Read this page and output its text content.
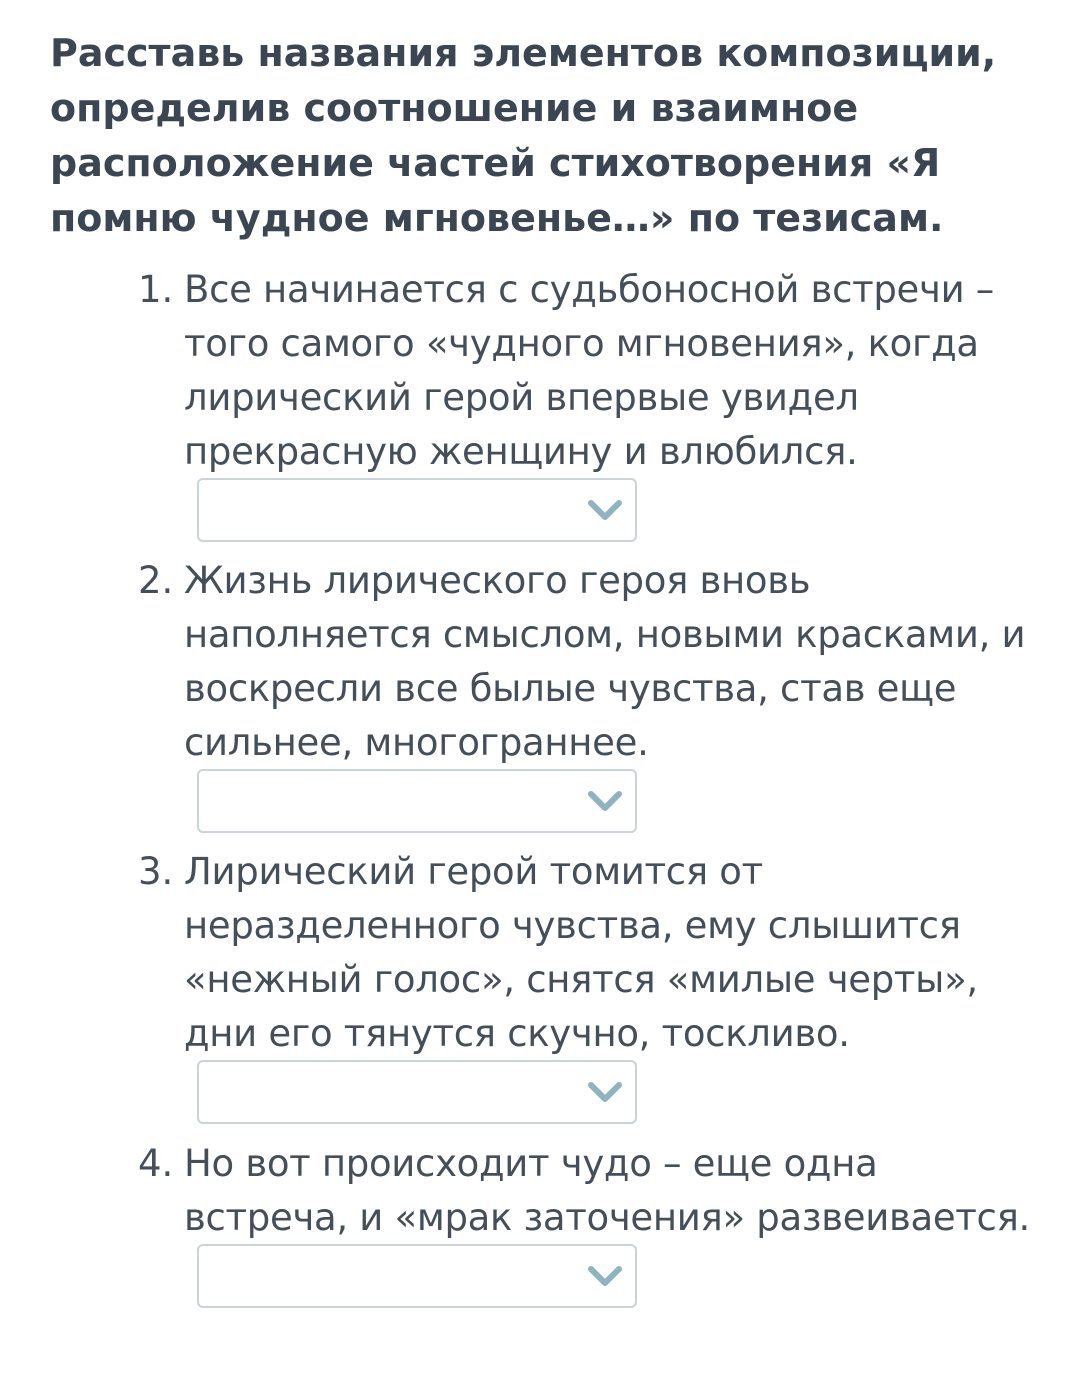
Расставь названия элементов композиции, определив соотношение и взаимное расположение частей стихотворения «Я помню чудное мгновенье…» по тезисам.
1. Все начинается с судьбоносной встречи – того самого «чудного мгновения», когда лирический герой впервые увидел прекрасную женщину и влюбился.

2. Жизнь лирического героя вновь наполняется смыслом, новыми красками, и воскресли все былые чувства, став еще сильнее, многограннее.

3. Лирический герой томится от неразделенного чувства, ему слышится «нежный голос», снятся «милые черты», дни его тянутся скучно, тоскливо.

4. Но вот происходит чудо – еще одна встреча, и «мрак заточения» развеивается.
